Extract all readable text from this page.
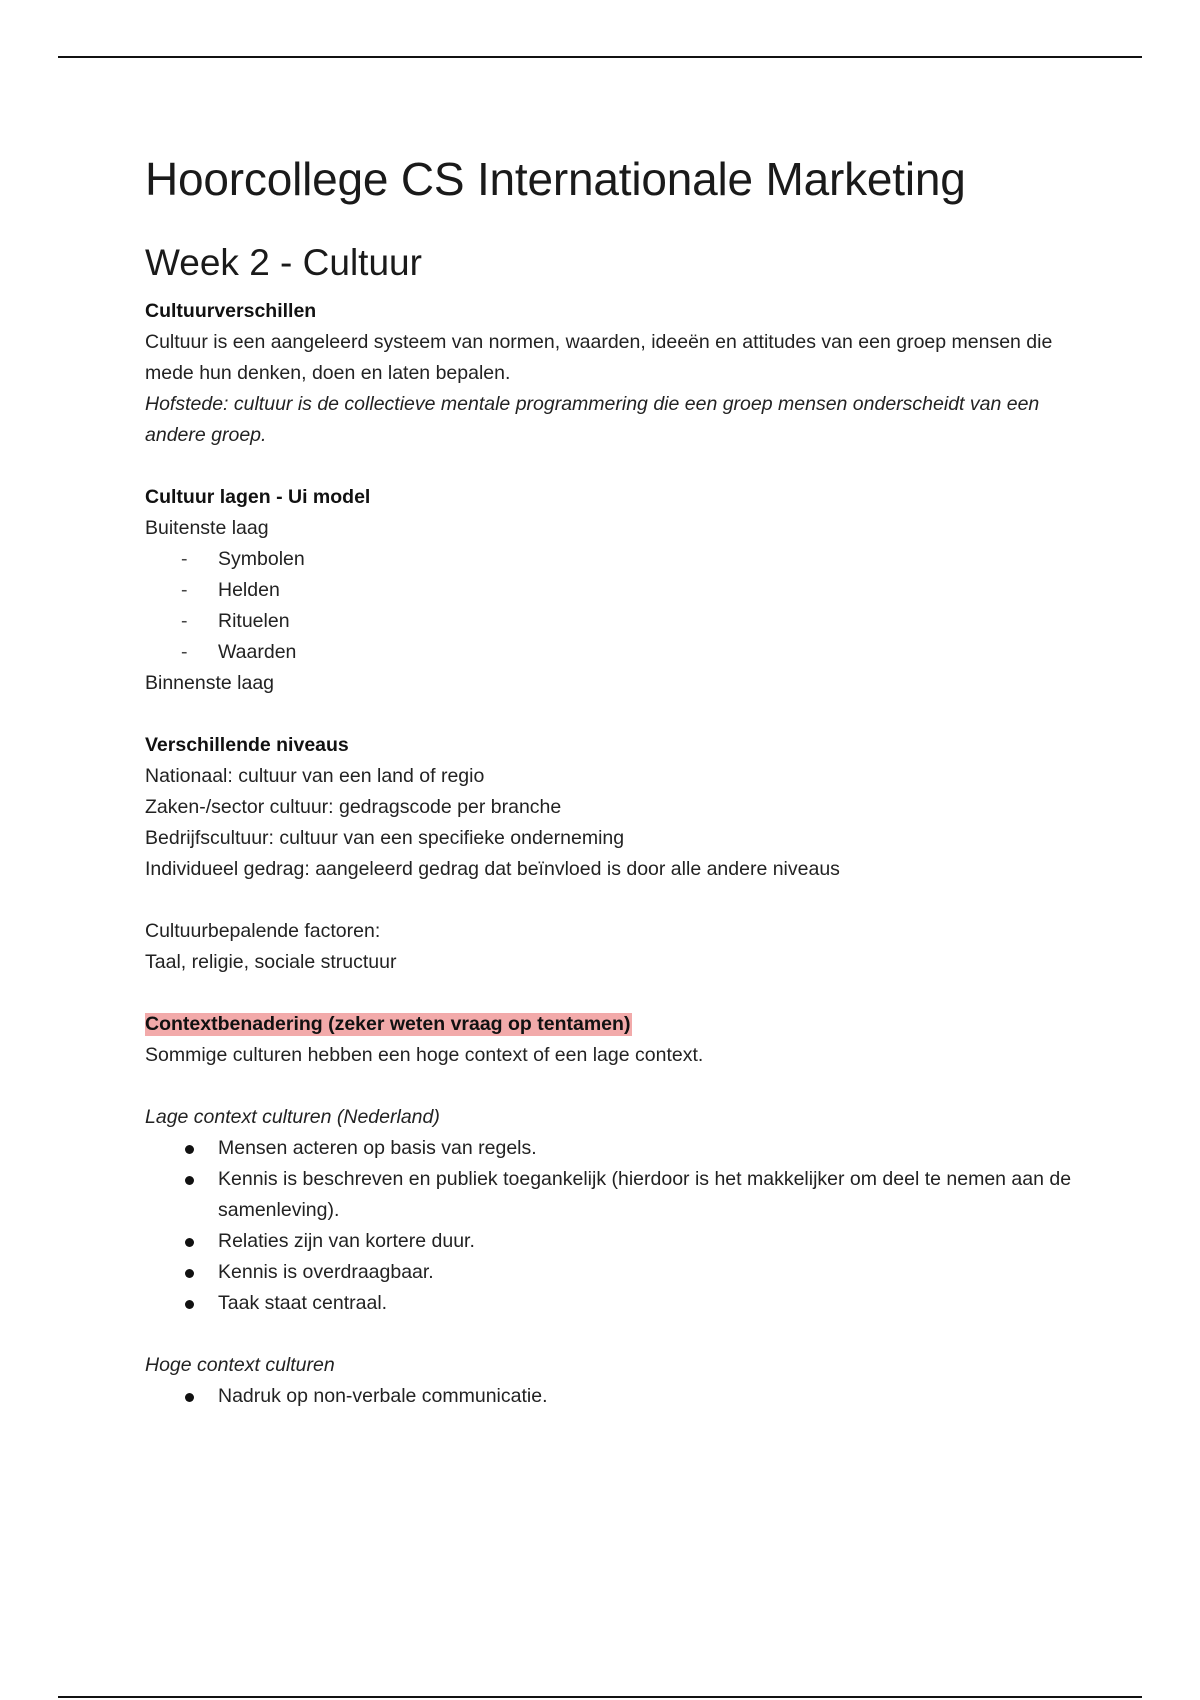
Hoorcollege CS Internationale Marketing
Week 2 - Cultuur

Cultuurverschillen

Cultuur is een aangeleerd systeem van normen, waarden, ideeën en attitudes van een groep mensen die mede hun denken, doen en laten bepalen.

Hofstede: cultuur is de collectieve mentale programmering die een groep mensen onderscheidt van een andere groep.

Cultuur lagen - Ui model

Buitenste laag

- Symbolen
- Helden
- Rituelen
- Waarden

Binnenste laag

Verschillende niveaus

Nationaal: cultuur van een land of regio

Zaken-/sector cultuur: gedragscode per branche

Bedrijfscultuur: cultuur van een specifieke onderneming

Individueel gedrag: aangeleerd gedrag dat beïnvloed is door alle andere niveaus

Cultuurbepalende factoren:

Taal, religie, sociale structuur

Contextbenadering (zeker weten vraag op tentamen)

Sommige culturen hebben een hoge context of een lage context.

Lage context culturen (Nederland)

Mensen acteren op basis van regels.
Kennis is beschreven en publiek toegankelijk (hierdoor is het makkelijker om deel te nemen aan de samenleving).
Relaties zijn van kortere duur.
Kennis is overdraagbaar.
Taak staat centraal.

Hoge context culturen

Nadruk op non-verbale communicatie.
